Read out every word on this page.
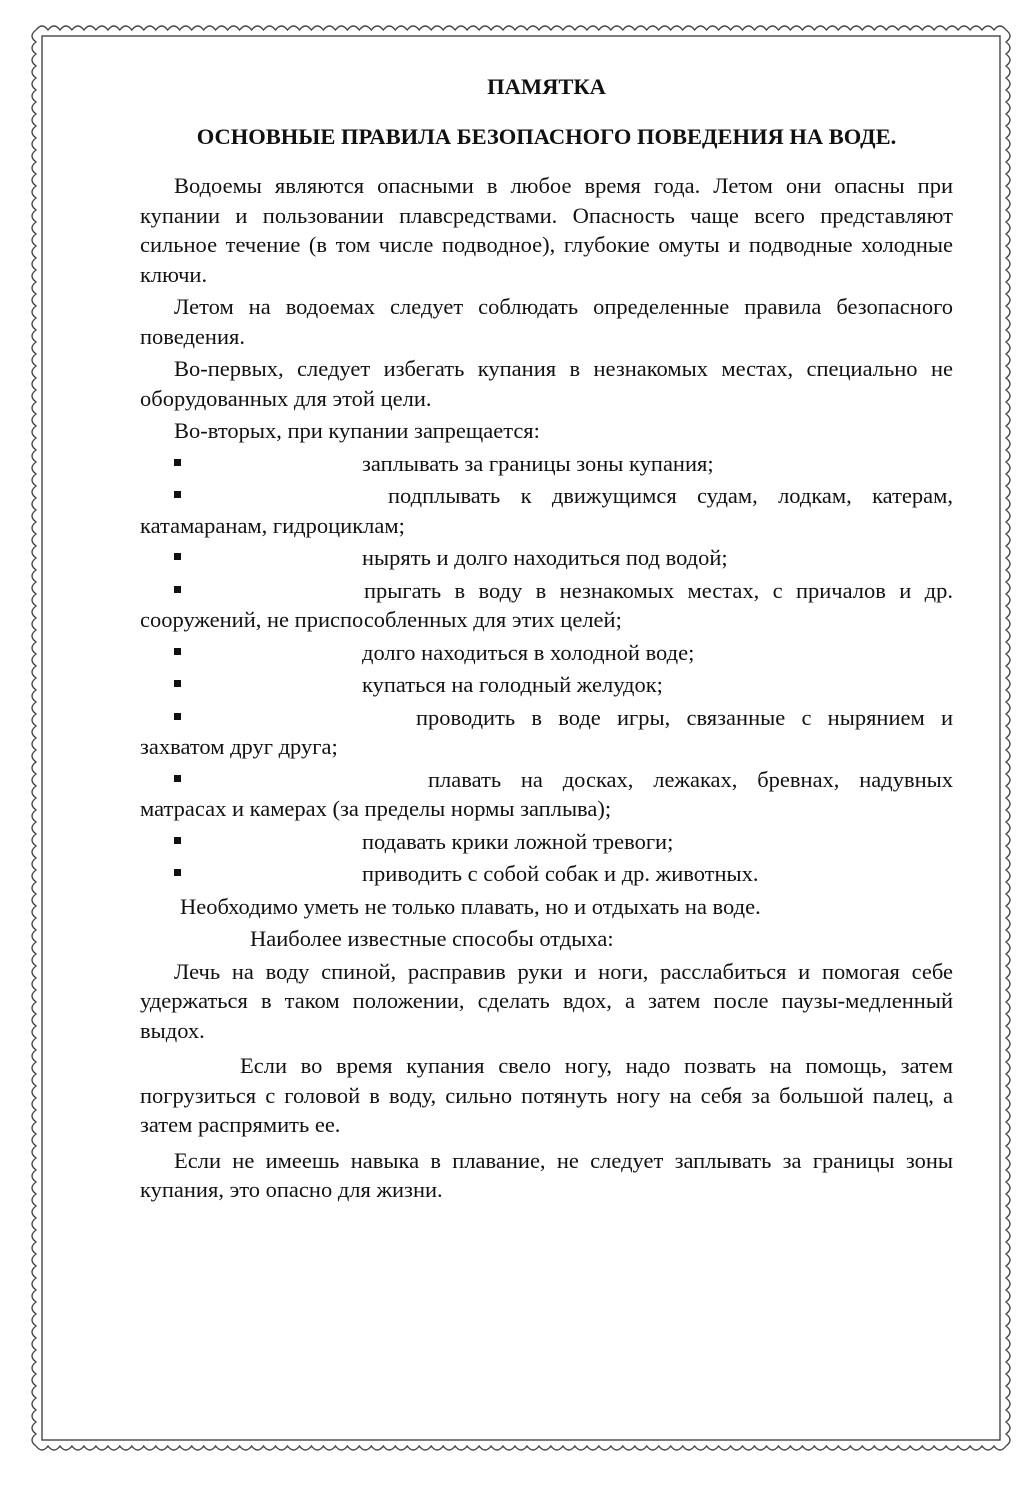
ПАМЯТКА
ОСНОВНЫЕ ПРАВИЛА БЕЗОПАСНОГО ПОВЕДЕНИЯ НА ВОДЕ.

Водоемы являются опасными в любое время года. Летом они опасны при купании и пользовании плавсредствами. Опасность чаще всего представляют сильное течение (в том числе подводное), глубокие омуты и подводные холодные ключи.

Летом на водоемах следует соблюдать определенные правила безопасного поведения.

Во-первых, следует избегать купания в незнакомых местах, специально не оборудованных для этой цели.

Во-вторых, при купании запрещается:

заплывать за границы зоны купания;
подплывать к движущимся судам, лодкам, катерам, катамаранам, гидроциклам;
нырять и долго находиться под водой;
прыгать в воду в незнакомых местах, с причалов и др. сооружений, не приспособленных для этих целей;
долго находиться в холодной воде;
купаться на голодный желудок;
проводить в воде игры, связанные с нырянием и захватом друг друга;
плавать на досках, лежаках, бревнах, надувных матрасах и камерах (за пределы нормы заплыва);
подавать крики ложной тревоги;
приводить с собой собак и др. животных.

Необходимо уметь не только плавать, но и отдыхать на воде.

Наиболее известные способы отдыха:

Лечь на воду спиной, расправив руки и ноги, расслабиться и помогая себе удержаться в таком положении, сделать вдох, а затем после паузы-медленный выдох.

Если во время купания свело ногу, надо позвать на помощь, затем погрузиться с головой в воду, сильно потянуть ногу на себя за большой палец, а затем распрямить ее.

Если не имеешь навыка в плавание, не следует заплывать за границы зоны купания, это опасно для жизни.
